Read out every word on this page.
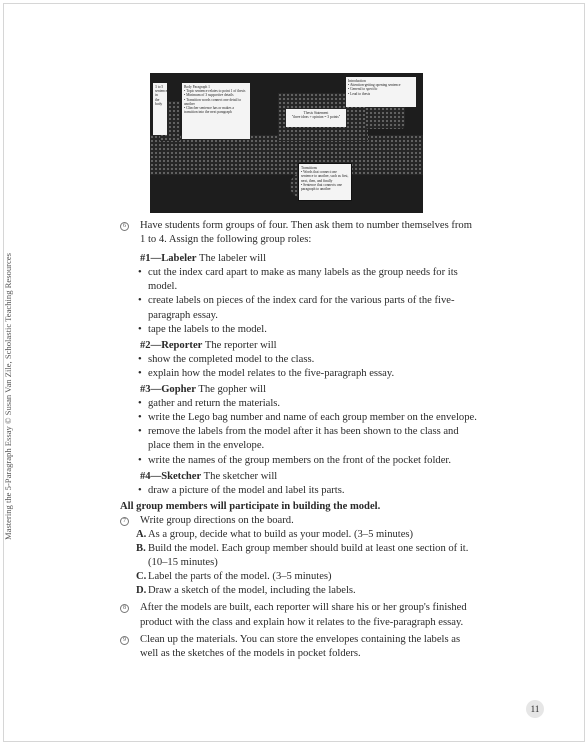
Mastering the 5-Paragraph Essay © Susan Van Zile, Scholastic Teaching Resources
3 to 5
sentences
in
the
body
Body Paragraph 1
• Topic sentence relates to point 1 of thesis
• Minimum of 3 supportive details
• Transition words connect one detail to another
• Clincher sentence has or makes a transition into the next paragraph
Introduction
• Attention-getting opening sentence
• General to specific
• Lead to thesis
Thesis Statement
"three ideas + opinion = 3 points"
Transitions
• Words that connect one sentence to another, such as first, next, then, and finally
• Sentence that connects one paragraph to another
6 Have students form groups of four. Then ask them to number themselves from 1 to 4. Assign the following group roles:

#1—Labeler The labeler will
• cut the index card apart to make as many labels as the group needs for its model.
• create labels on pieces of the index card for the various parts of the five-paragraph essay.
• tape the labels to the model.
#2—Reporter The reporter will
• show the completed model to the class.
• explain how the model relates to the five-paragraph essay.
#3—Gopher The gopher will
• gather and return the materials.
• write the Lego bag number and name of each group member on the envelope.
• remove the labels from the model after it has been shown to the class and place them in the envelope.
• write the names of the group members on the front of the pocket folder.
#4—Sketcher The sketcher will
• draw a picture of the model and label its parts.

All group members will participate in building the model.

7 Write group directions on the board.

A. As a group, decide what to build as your model. (3–5 minutes)
B. Build the model. Each group member should build at least one section of it. (10–15 minutes)
C. Label the parts of the model. (3–5 minutes)
D. Draw a sketch of the model, including the labels.
8 After the models are built, each reporter will share his or her group's finished product with the class and explain how it relates to the five-paragraph essay.

9 Clean up the materials. You can store the envelopes containing the labels as well as the sketches of the models in pocket folders.

11
